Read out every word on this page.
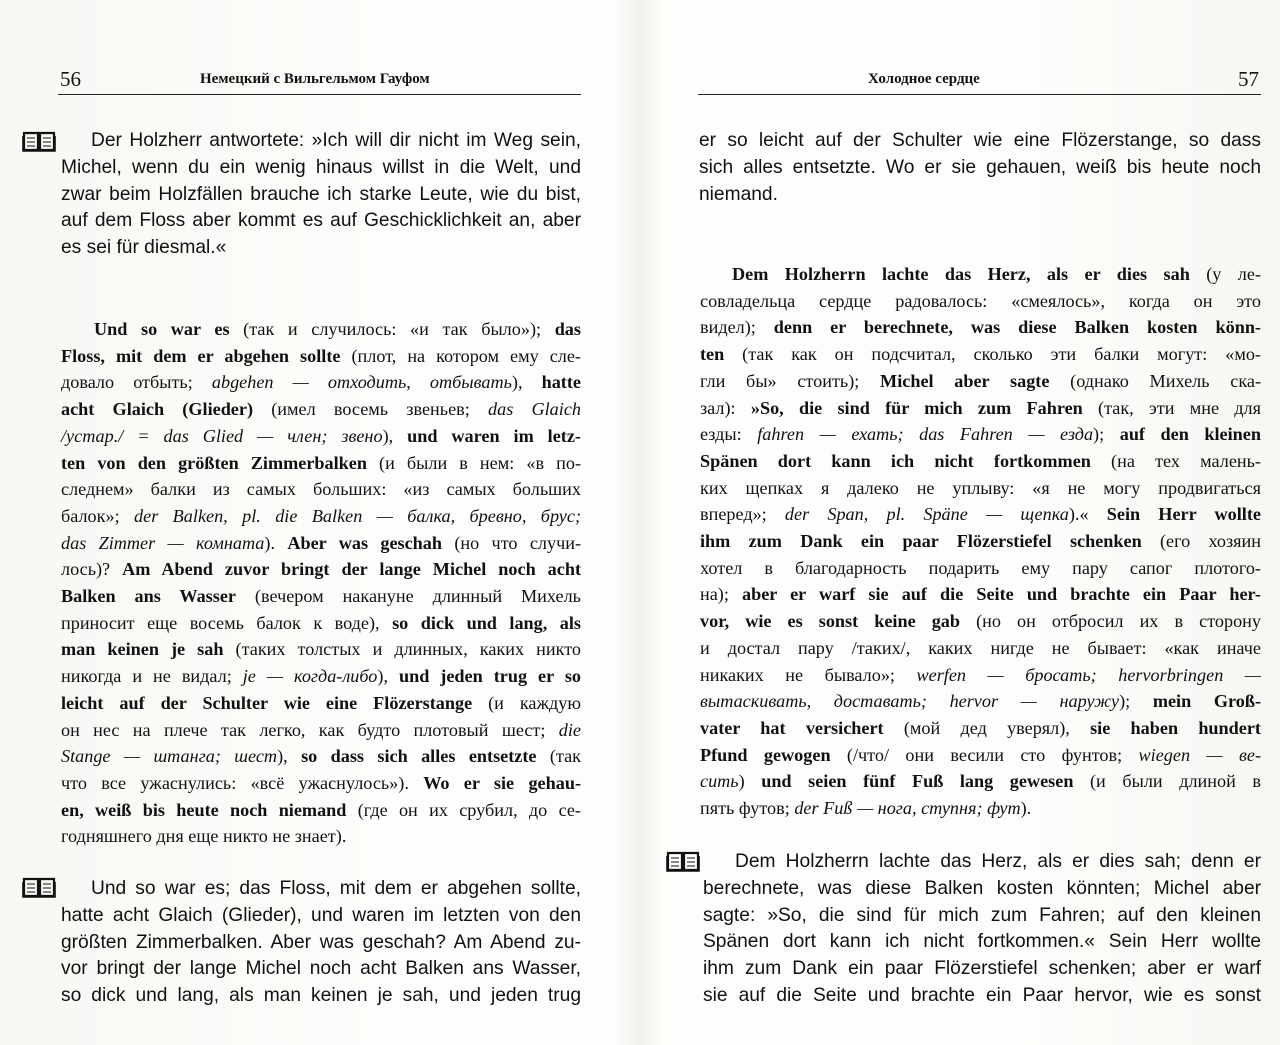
56	Немецкий с Вильгельмом Гауфом
Der Holzherr antwortete: »Ich will dir nicht im Weg sein,
Michel, wenn du ein wenig hinaus willst in die Welt, und
zwar beim Holzfällen brauche ich starke Leute, wie du bist,
auf dem Floss aber kommt es auf Geschicklichkeit an, aber
es sei für diesmal.«
Und so war es (так и случилось: «и так было»); das
Floss, mit dem er abgehen sollte (плот, на котором ему сле-
довало отбыть; abgehen — отходить, отбывать), hatte
acht Glaich (Glieder) (имел восемь звеньев; das Glaich
/устар./ = das Glied — член; звено), und waren im letz-
ten von den größten Zimmerbalken (и были в нем: «в по-
следнем» балки из самых больших: «из самых больших
балок»; der Balken, pl. die Balken — балка, бревно, брус;
das Zimmer — комната). Aber was geschah (но что случи-
лось)? Am Abend zuvor bringt der lange Michel noch acht
Balken ans Wasser (вечером накануне длинный Михель
приносит еще восемь балок к воде), so dick und lang, als
man keinen je sah (таких толстых и длинных, каких никто
никогда и не видал; je — когда-либо), und jeden trug er so
leicht auf der Schulter wie eine Flözerstange (и каждую
он нес на плече так легко, как будто плотовый шест; die
Stange — штанга; шест), so dass sich alles entsetzte (так
что все ужаснулись: «всё ужаснулось»). Wo er sie gehau-
en, weiß bis heute noch niemand (где он их срубил, до се-
годняшнего дня еще никто не знает).
Und so war es; das Floss, mit dem er abgehen sollte,
hatte acht Glaich (Glieder), und waren im letzten von den
größten Zimmerbalken. Aber was geschah? Am Abend zu-
vor bringt der lange Michel noch acht Balken ans Wasser,
so dick und lang, als man keinen je sah, und jeden trug
Холодное сердце	57
er so leicht auf der Schulter wie eine Flözerstange, so dass
sich alles entsetzte. Wo er sie gehauen, weiß bis heute noch
niemand.
Dem Holzherrn lachte das Herz, als er dies sah (у ле-
совладельца сердце радовалось: «смеялось», когда он это
видел); denn er berechnete, was diese Balken kosten könn-
ten (так как он подсчитал, сколько эти балки могут: «мо-
гли бы» стоить); Michel aber sagte (однако Михель ска-
зал): »So, die sind für mich zum Fahren (так, эти мне для
езды: fahren — ехать; das Fahren — езда); auf den kleinen
Spänen dort kann ich nicht fortkommen (на тех малень-
ких щепках я далеко не уплыву: «я не могу продвигаться
вперед»; der Span, pl. Späne — щепка).« Sein Herr wollte
ihm zum Dank ein paar Flözerstiefel schenken (его хозяин
хотел в благодарность подарить ему пару сапог плотого-
на); aber er warf sie auf die Seite und brachte ein Paar her-
vor, wie es sonst keine gab (но он отбросил их в сторону
и достал пару /таких/, каких нигде не бывает: «как иначе
никаких не бывало»; werfen — бросать; hervorbringen —
вытаскивать, доставать; hervor — наружу); mein Groß-
vater hat versichert (мой дед уверял), sie haben hundert
Pfund gewogen (/что/ они весили сто фунтов; wiegen — ве-
сить) und seien fünf Fuß lang gewesen (и были длиной в
пять футов; der Fuß — нога, ступня; фут).
Dem Holzherrn lachte das Herz, als er dies sah; denn er
berechnete, was diese Balken kosten könnten; Michel aber
sagte: »So, die sind für mich zum Fahren; auf den kleinen
Spänen dort kann ich nicht fortkommen.« Sein Herr wollte
ihm zum Dank ein paar Flözerstiefel schenken; aber er warf
sie auf die Seite und brachte ein Paar hervor, wie es sonst
